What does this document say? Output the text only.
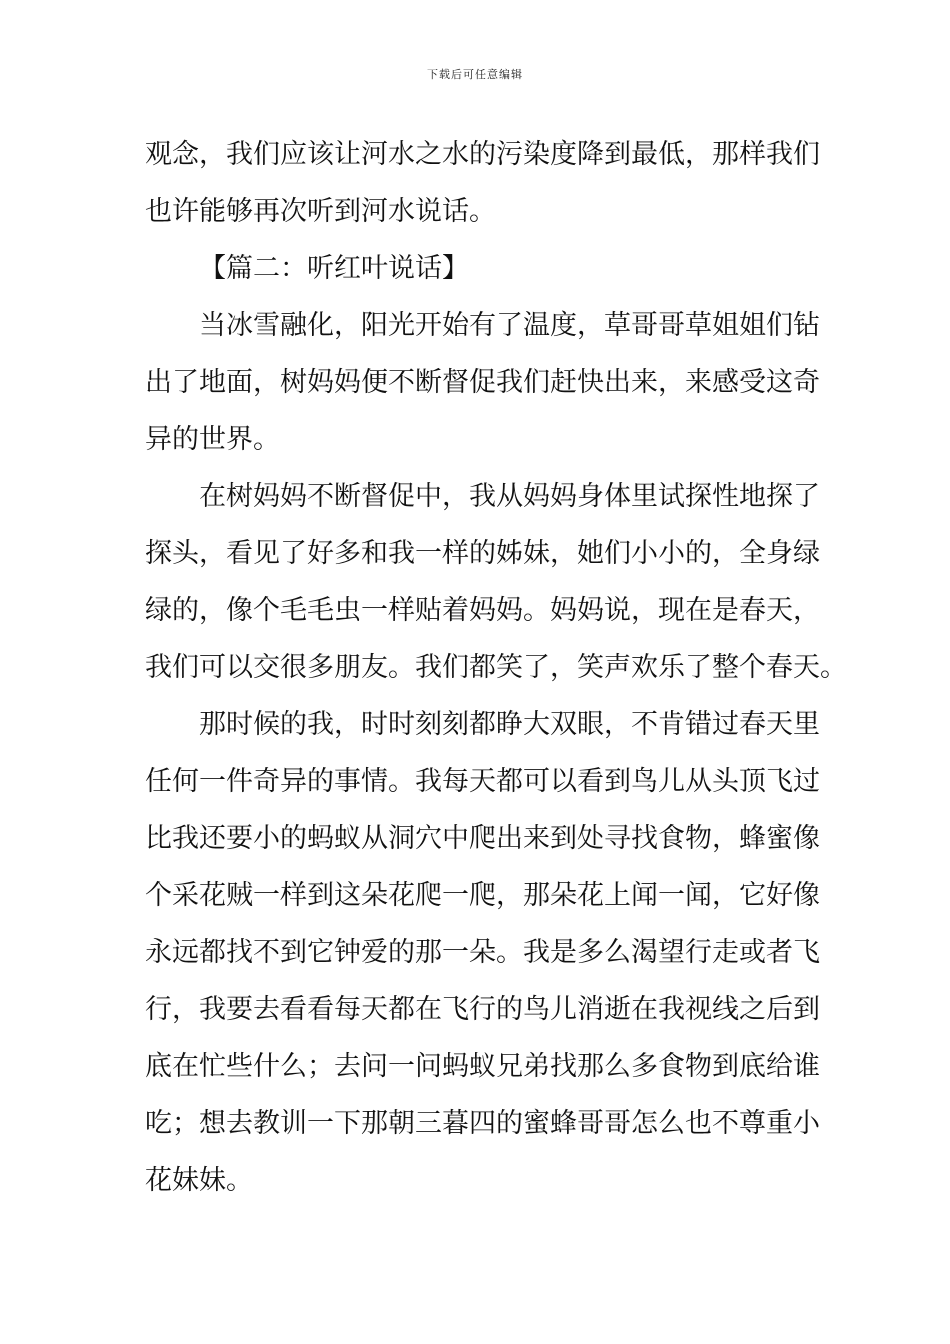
下载后可任意编辑
观念，我们应该让河水之水的污染度降到最低，那样我们
也许能够再次听到河水说话。
【篇二：听红叶说话】
当冰雪融化，阳光开始有了温度，草哥哥草姐姐们钻
出了地面，树妈妈便不断督促我们赶快出来，来感受这奇
异的世界。
在树妈妈不断督促中，我从妈妈身体里试探性地探了
探头，看见了好多和我一样的姊妹，她们小小的，全身绿
绿的，像个毛毛虫一样贴着妈妈。妈妈说，现在是春天，
我们可以交很多朋友。我们都笑了，笑声欢乐了整个春天。
那时候的我，时时刻刻都睁大双眼，不肯错过春天里
任何一件奇异的事情。我每天都可以看到鸟儿从头顶飞过
比我还要小的蚂蚁从洞穴中爬出来到处寻找食物，蜂蜜像
个采花贼一样到这朵花爬一爬，那朵花上闻一闻，它好像
永远都找不到它钟爱的那一朵。我是多么渴望行走或者飞
行，我要去看看每天都在飞行的鸟儿消逝在我视线之后到
底在忙些什么；去问一问蚂蚁兄弟找那么多食物到底给谁
吃；想去教训一下那朝三暮四的蜜蜂哥哥怎么也不尊重小
花妹妹。
